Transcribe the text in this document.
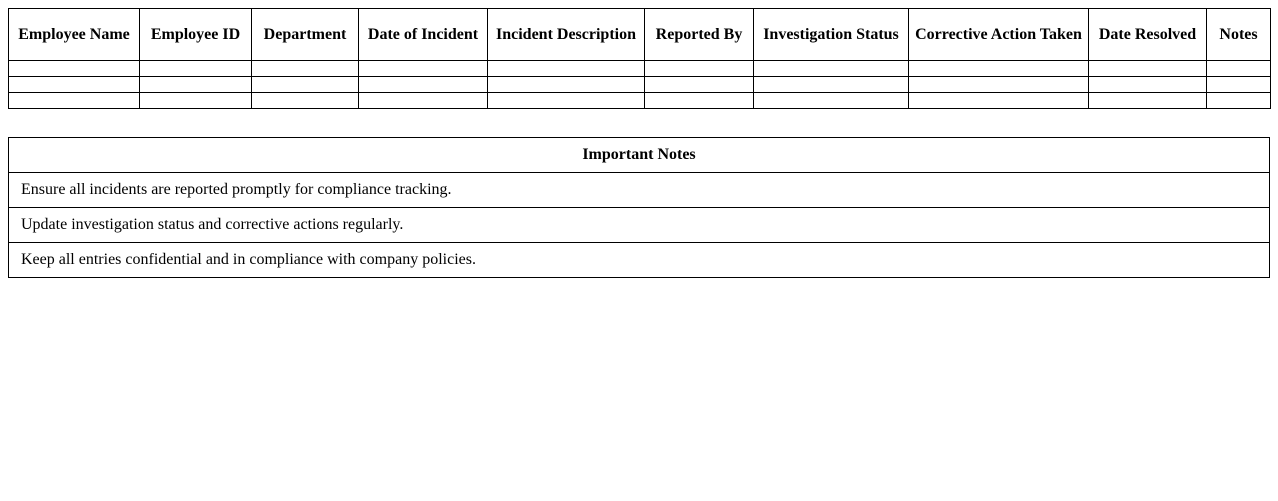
Employee Name	Employee ID	Department	Date of Incident	Incident Description	Reported By	Investigation Status	Corrective Action Taken	Date Resolved	Notes

Important Notes
Ensure all incidents are reported promptly for compliance tracking.
Update investigation status and corrective actions regularly.
Keep all entries confidential and in compliance with company policies.
